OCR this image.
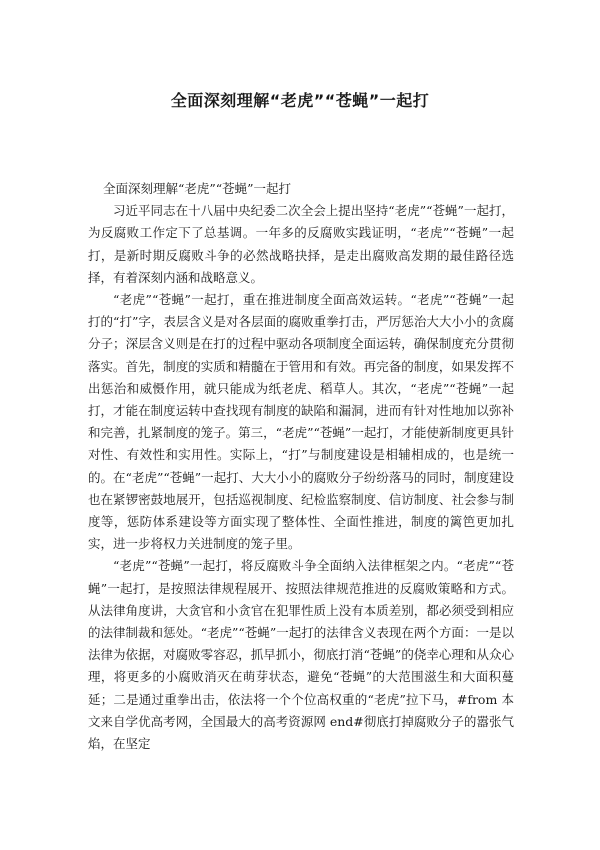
全面深刻理解“老虎”“苍蝇”一起打

全面深刻理解“老虎”“苍蝇”一起打

习近平同志在十八届中央纪委二次全会上提出坚持“老虎”“苍蝇”一起打，为反腐败工作定下了总基调。一年多的反腐败实践证明，“老虎”“苍蝇”一起打，是新时期反腐败斗争的必然战略抉择，是走出腐败高发期的最佳路径选择，有着深刻内涵和战略意义。

“老虎”“苍蝇”一起打，重在推进制度全面高效运转。“老虎”“苍蝇”一起打的“打”字，表层含义是对各层面的腐败重拳打击，严厉惩治大大小小的贪腐分子；深层含义则是在打的过程中驱动各项制度全面运转，确保制度充分贯彻落实。首先，制度的实质和精髓在于管用和有效。再完备的制度，如果发挥不出惩治和威慑作用，就只能成为纸老虎、稻草人。其次，“老虎”“苍蝇”一起打，才能在制度运转中查找现有制度的缺陷和漏洞，进而有针对性地加以弥补和完善，扎紧制度的笼子。第三，“老虎”“苍蝇”一起打，才能使新制度更具针对性、有效性和实用性。实际上，“打”与制度建设是相辅相成的，也是统一的。在“老虎”“苍蝇”一起打、大大小小的腐败分子纷纷落马的同时，制度建设也在紧锣密鼓地展开，包括巡视制度、纪检监察制度、信访制度、社会参与制度等，惩防体系建设等方面实现了整体性、全面性推进，制度的篱笆更加扎实，进一步将权力关进制度的笼子里。

“老虎”“苍蝇”一起打，将反腐败斗争全面纳入法律框架之内。“老虎”“苍蝇”一起打，是按照法律规程展开、按照法律规范推进的反腐败策略和方式。从法律角度讲，大贪官和小贪官在犯罪性质上没有本质差别，都必须受到相应的法律制裁和惩处。“老虎”“苍蝇”一起打的法律含义表现在两个方面：一是以法律为依据，对腐败零容忍，抓早抓小，彻底打消“苍蝇”的侥幸心理和从众心理，将更多的小腐败消灭在萌芽状态，避免“苍蝇”的大范围滋生和大面积蔓延；二是通过重拳出击，依法将一个个位高权重的“老虎”拉下马，#from 本文来自学优高考网，全国最大的高考资源网 end#彻底打掉腐败分子的嚣张气焰，在坚定
